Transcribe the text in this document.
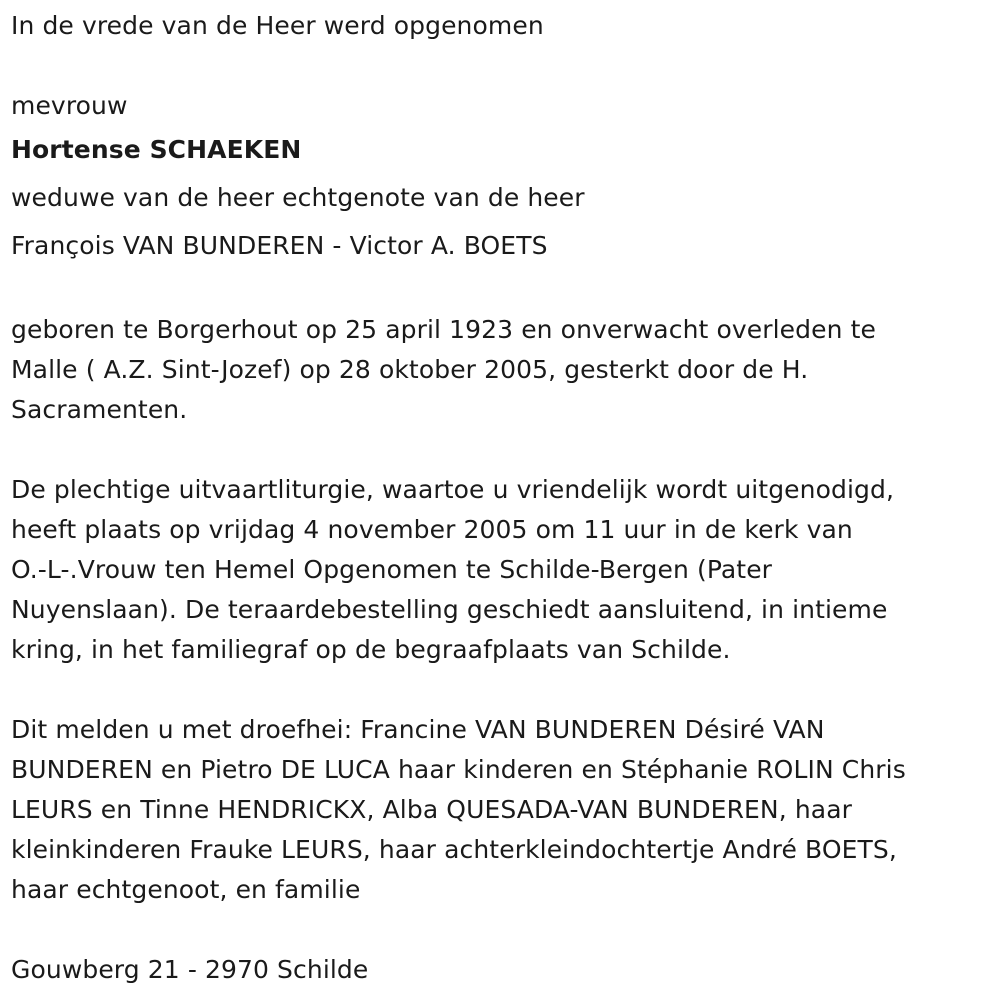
In de vrede van de Heer werd opgenomen

mevrouw

Hortense SCHAEKEN

weduwe van de heer echtgenote van de heer

François VAN BUNDEREN - Victor A. BOETS

geboren te Borgerhout op 25 april 1923 en onverwacht overleden te

Malle ( A.Z. Sint-Jozef) op 28 oktober 2005, gesterkt door de H.

Sacramenten.

De plechtige uitvaartliturgie, waartoe u vriendelijk wordt uitgenodigd,

heeft plaats op vrijdag 4 november 2005 om 11 uur in de kerk van

O.-L-.Vrouw ten Hemel Opgenomen te Schilde-Bergen (Pater

Nuyenslaan). De teraardebestelling geschiedt aansluitend, in intieme

kring, in het familiegraf op de begraafplaats van Schilde.

Dit melden u met droefhei: Francine VAN BUNDEREN Désiré VAN

BUNDEREN en Pietro DE LUCA haar kinderen en Stéphanie ROLIN Chris

LEURS en Tinne HENDRICKX, Alba QUESADA-VAN BUNDEREN, haar

kleinkinderen Frauke LEURS, haar achterkleindochtertje André BOETS,

haar echtgenoot, en familie

Gouwberg 21 - 2970 Schilde
